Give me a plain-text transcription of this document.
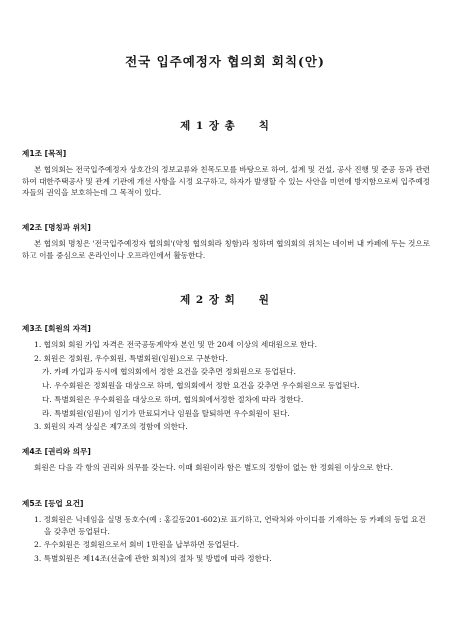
전국 입주예정자 협의회 회칙(안)
제 1 장 총　　칙
제1조 [목적]
본 협의회는 전국입주예정자 상호간의 정보교류와 친목도모를 바탕으로 하여, 설계 및 건설, 공사 진행 및 준공 등과 관련하여 대한주택공사 및 관계 기관에 개선 사항을 시정 요구하고, 하자가 발생할 수 있는 사안을 미연에 방지함으로써 입주예정자들의 권익을 보호하는데 그 목적이 있다.
제2조 [명칭과 위치]
본 협의회 명칭은 '전국입주예정자 협의회'(약칭 협의회라 칭함)라 칭하며 협의회의 위치는 네이버 내 카페에 두는 것으로 하고 이를 중심으로 온라인이나 오프라인에서 활동한다.
제 2 장 회　　원
제3조 [회원의 자격]
1. 협의회 회원 가입 자격은 전국공동계약자 본인 및 만 20세 이상의 세대원으로 한다.
2. 회원은 정회원, 우수회원, 특별회원(임원)으로 구분한다.
가. 카페 가입과 동시에 협의회에서 정한 요건을 갖추면 정회원으로 등업된다.
나. 우수회원은 정회원을 대상으로 하며, 협의회에서 정한 요건을 갖추면 우수회원으로 등업된다.
다. 특별회원은 우수회원을 대상으로 하며, 협의회에서정한 절차에 따라 정한다.
라. 특별회원(임원)이 임기가 만료되거나 임원을 탈퇴하면 우수회원이 된다.
3. 회원의 자격 상실은 제7조의 정함에 의한다.
제4조 [권리와 의무]
회원은 다음 각 항의 권리와 의무를 갖는다. 이때 회원이라 함은 별도의 정함이 없는 한 정회원 이상으로 한다.
제5조 [등업 요건]
1. 정회원은 닉네임을 실명 동호수(예 : 홍길동201-602)로 표기하고, 연락처와 아이디를 기재하는 등 카페의 등업 요건을 갖추면 등업된다.
2. 우수회원은 정회원으로서 회비 1만원을 납부하면 등업된다.
3. 특별회원은 제14조(선출에 관한 회칙)의 절차 및 방법에 따라 정한다.
